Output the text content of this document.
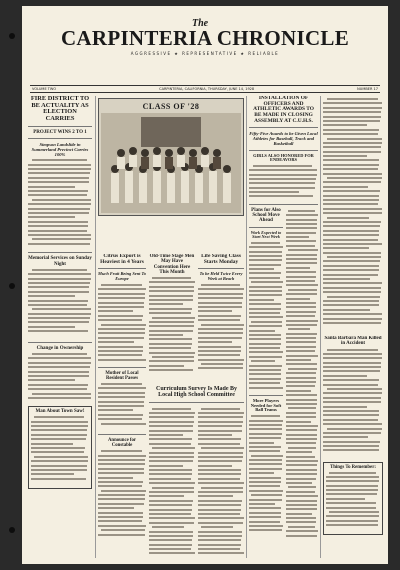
The
CARPINTERIA CHRONICLE
AGGRESSIVE ★ REPRESENTATIVE ★ RELIABLE
VOLUME TWO	CARPINTERIA, CALIFORNIA, THURSDAY, JUNE 14, 1928	NUMBER 17
FIRE DISTRICT TO BE ACTUALITY AS ELECTION CARRIES
PROJECT WINS 2 TO 1
Simpson Landslide in Summerland Precinct Carries 100%
Memorial Services on Sunday Night
Change in Ownership
Man About Town Saw!
CLASS OF '28
Citrus Export is Heaviest in 4 Years
Much Fruit Being Sent To Europe
Mother of Local Resident Passes
Announce for Constable
Old-Time Stage Men May Have Convention Here This Month
Life Saving Class Starts Monday
To be Held Twice Every Week at Beach
Curriculum Survey Is Made By Local High School Committee
INSTALLATION OF OFFICERS AND ATHLETIC AWARDS TO BE MADE IN CLOSING ASSEMBLY AT C.U.H.S.
Fifty-Five Awards to be Given Local Athletes for Baseball, Track and Basketball
GIRLS ALSO HONORED FOR ENDEAVORS
Plans for Also School Move Ahead
Work Expected to Start Next Week
More Players Needed for Soft Ball Teams
Santa Barbara Man Killed in Accident
Things To Remember:
